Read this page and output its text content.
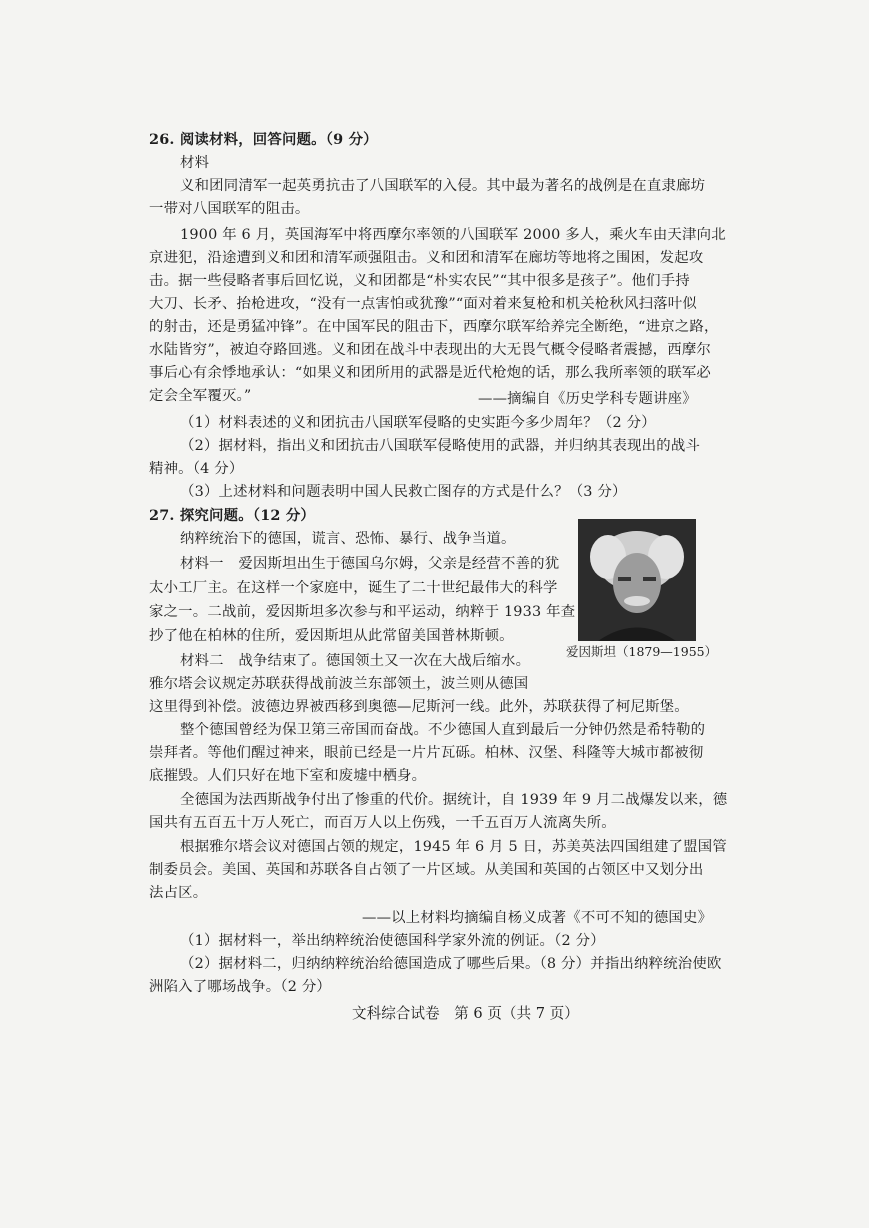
26. 阅读材料，回答问题。（9 分）
材料
义和团同清军一起英勇抗击了八国联军的入侵。其中最为著名的战例是在直隶廊坊
一带对八国联军的阻击。
1900 年 6 月，英国海军中将西摩尔率领的八国联军 2000 多人，乘火车由天津向北
京进犯，沿途遭到义和团和清军顽强阻击。义和团和清军在廊坊等地将之围困，发起攻
击。据一些侵略者事后回忆说，义和团都是“朴实农民”“其中很多是孩子”。他们手持
大刀、长矛、抬枪进攻，“没有一点害怕或犹豫”“面对着来复枪和机关枪秋风扫落叶似
的射击，还是勇猛冲锋”。在中国军民的阻击下，西摩尔联军给养完全断绝，“进京之路，
水陆皆穷”，被迫夺路回逃。义和团在战斗中表现出的大无畏气概令侵略者震撼，西摩尔
事后心有余悸地承认：“如果义和团所用的武器是近代枪炮的话，那么我所率领的联军必
定会全军覆灭。”	——摘编自《历史学科专题讲座》
（1）材料表述的义和团抗击八国联军侵略的史实距今多少周年？（2 分）
（2）据材料，指出义和团抗击八国联军侵略使用的武器，并归纳其表现出的战斗
精神。（4 分）
（3）上述材料和问题表明中国人民救亡图存的方式是什么？（3 分）
27. 探究问题。（12 分）
纳粹统治下的德国，谎言、恐怖、暴行、战争当道。
材料一　爱因斯坦出生于德国乌尔姆，父亲是经营不善的犹
太小工厂主。在这样一个家庭中，诞生了二十世纪最伟大的科学
家之一。二战前，爱因斯坦多次参与和平运动，纳粹于 1933 年查
抄了他在柏林的住所，爱因斯坦从此常留美国普林斯顿。
材料二　战争结束了。德国领土又一次在大战后缩水。
雅尔塔会议规定苏联获得战前波兰东部领土，波兰则从德国
这里得到补偿。波德边界被西移到奥德—尼斯河一线。此外，苏联获得了柯尼斯堡。
爱因斯坦（1879—1955）
整个德国曾经为保卫第三帝国而奋战。不少德国人直到最后一分钟仍然是希特勒的
崇拜者。等他们醒过神来，眼前已经是一片片瓦砾。柏林、汉堡、科隆等大城市都被彻
底摧毁。人们只好在地下室和废墟中栖身。
全德国为法西斯战争付出了惨重的代价。据统计，自 1939 年 9 月二战爆发以来，德
国共有五百五十万人死亡，而百万人以上伤残，一千五百万人流离失所。
根据雅尔塔会议对德国占领的规定，1945 年 6 月 5 日，苏美英法四国组建了盟国管
制委员会。美国、英国和苏联各自占领了一片区域。从美国和英国的占领区中又划分出
法占区。
——以上材料均摘编自杨义成著《不可不知的德国史》
（1）据材料一，举出纳粹统治使德国科学家外流的例证。（2 分）
（2）据材料二，归纳纳粹统治给德国造成了哪些后果。（8 分）并指出纳粹统治使欧
洲陷入了哪场战争。（2 分）
文科综合试卷　第 6 页（共 7 页）
